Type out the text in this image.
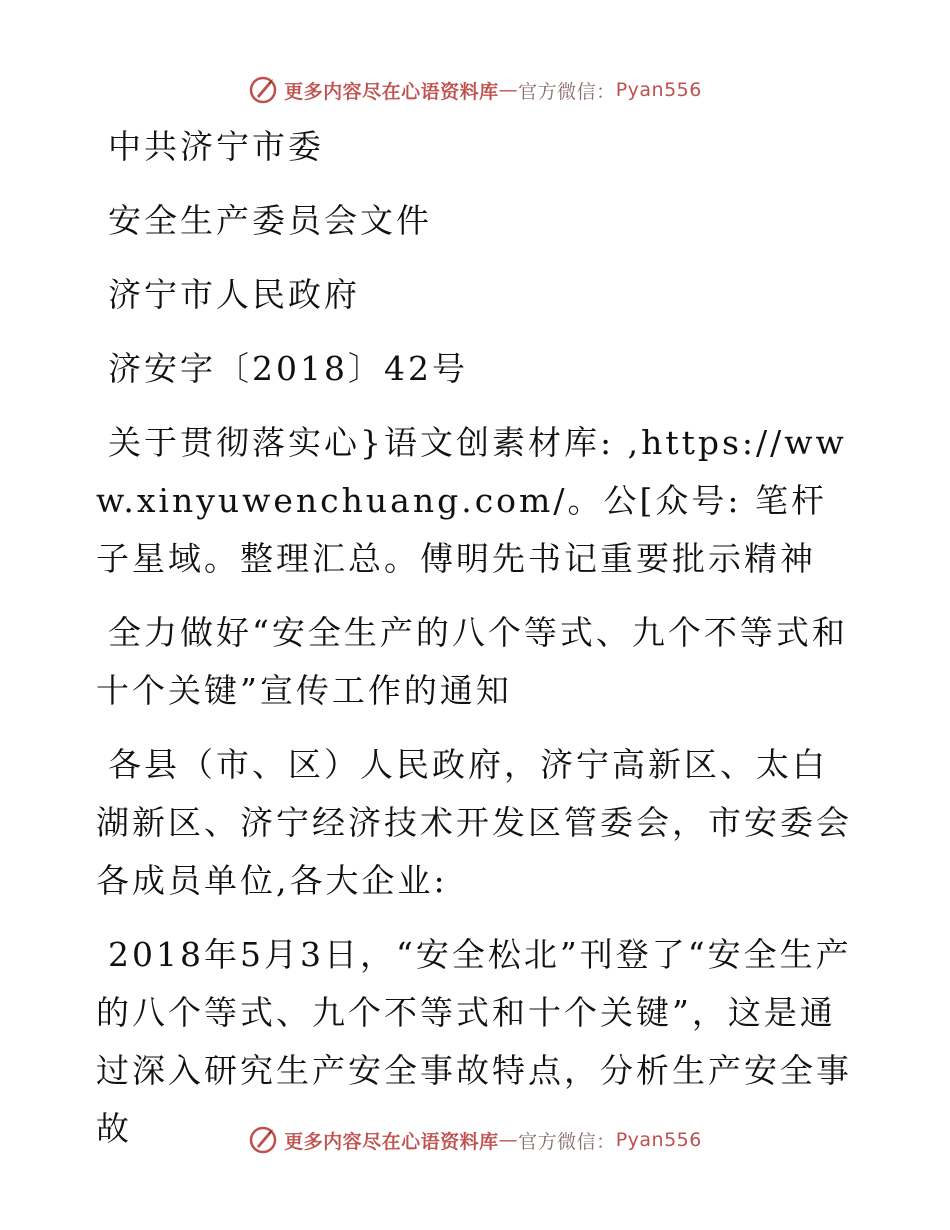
更多内容尽在心语资料库 — 官方微信： Pyan556
中共济宁市委
安全生产委员会文件
济宁市人民政府
济安字〔2018〕42号
关于贯彻落实心}语文创素材库: ,https://www.xinyuwenchuang.com/。公[众号: 笔杆子星域。整理汇总。傅明先书记重要批示精神
全力做好“安全生产的八个等式、九个不等式和十个关键”宣传工作的通知
各县（市、区）人民政府，济宁高新区、太白湖新区、济宁经济技术开发区管委会，市安委会各成员单位,各大企业:
2018年5月3日，“安全松北”刊登了“安全生产的八个等式、九个不等式和十个关键”，这是通过深入研究生产安全事故特点，分析生产安全事故	更多内容尽在心语资料库 — 官方微信： Pyan556
